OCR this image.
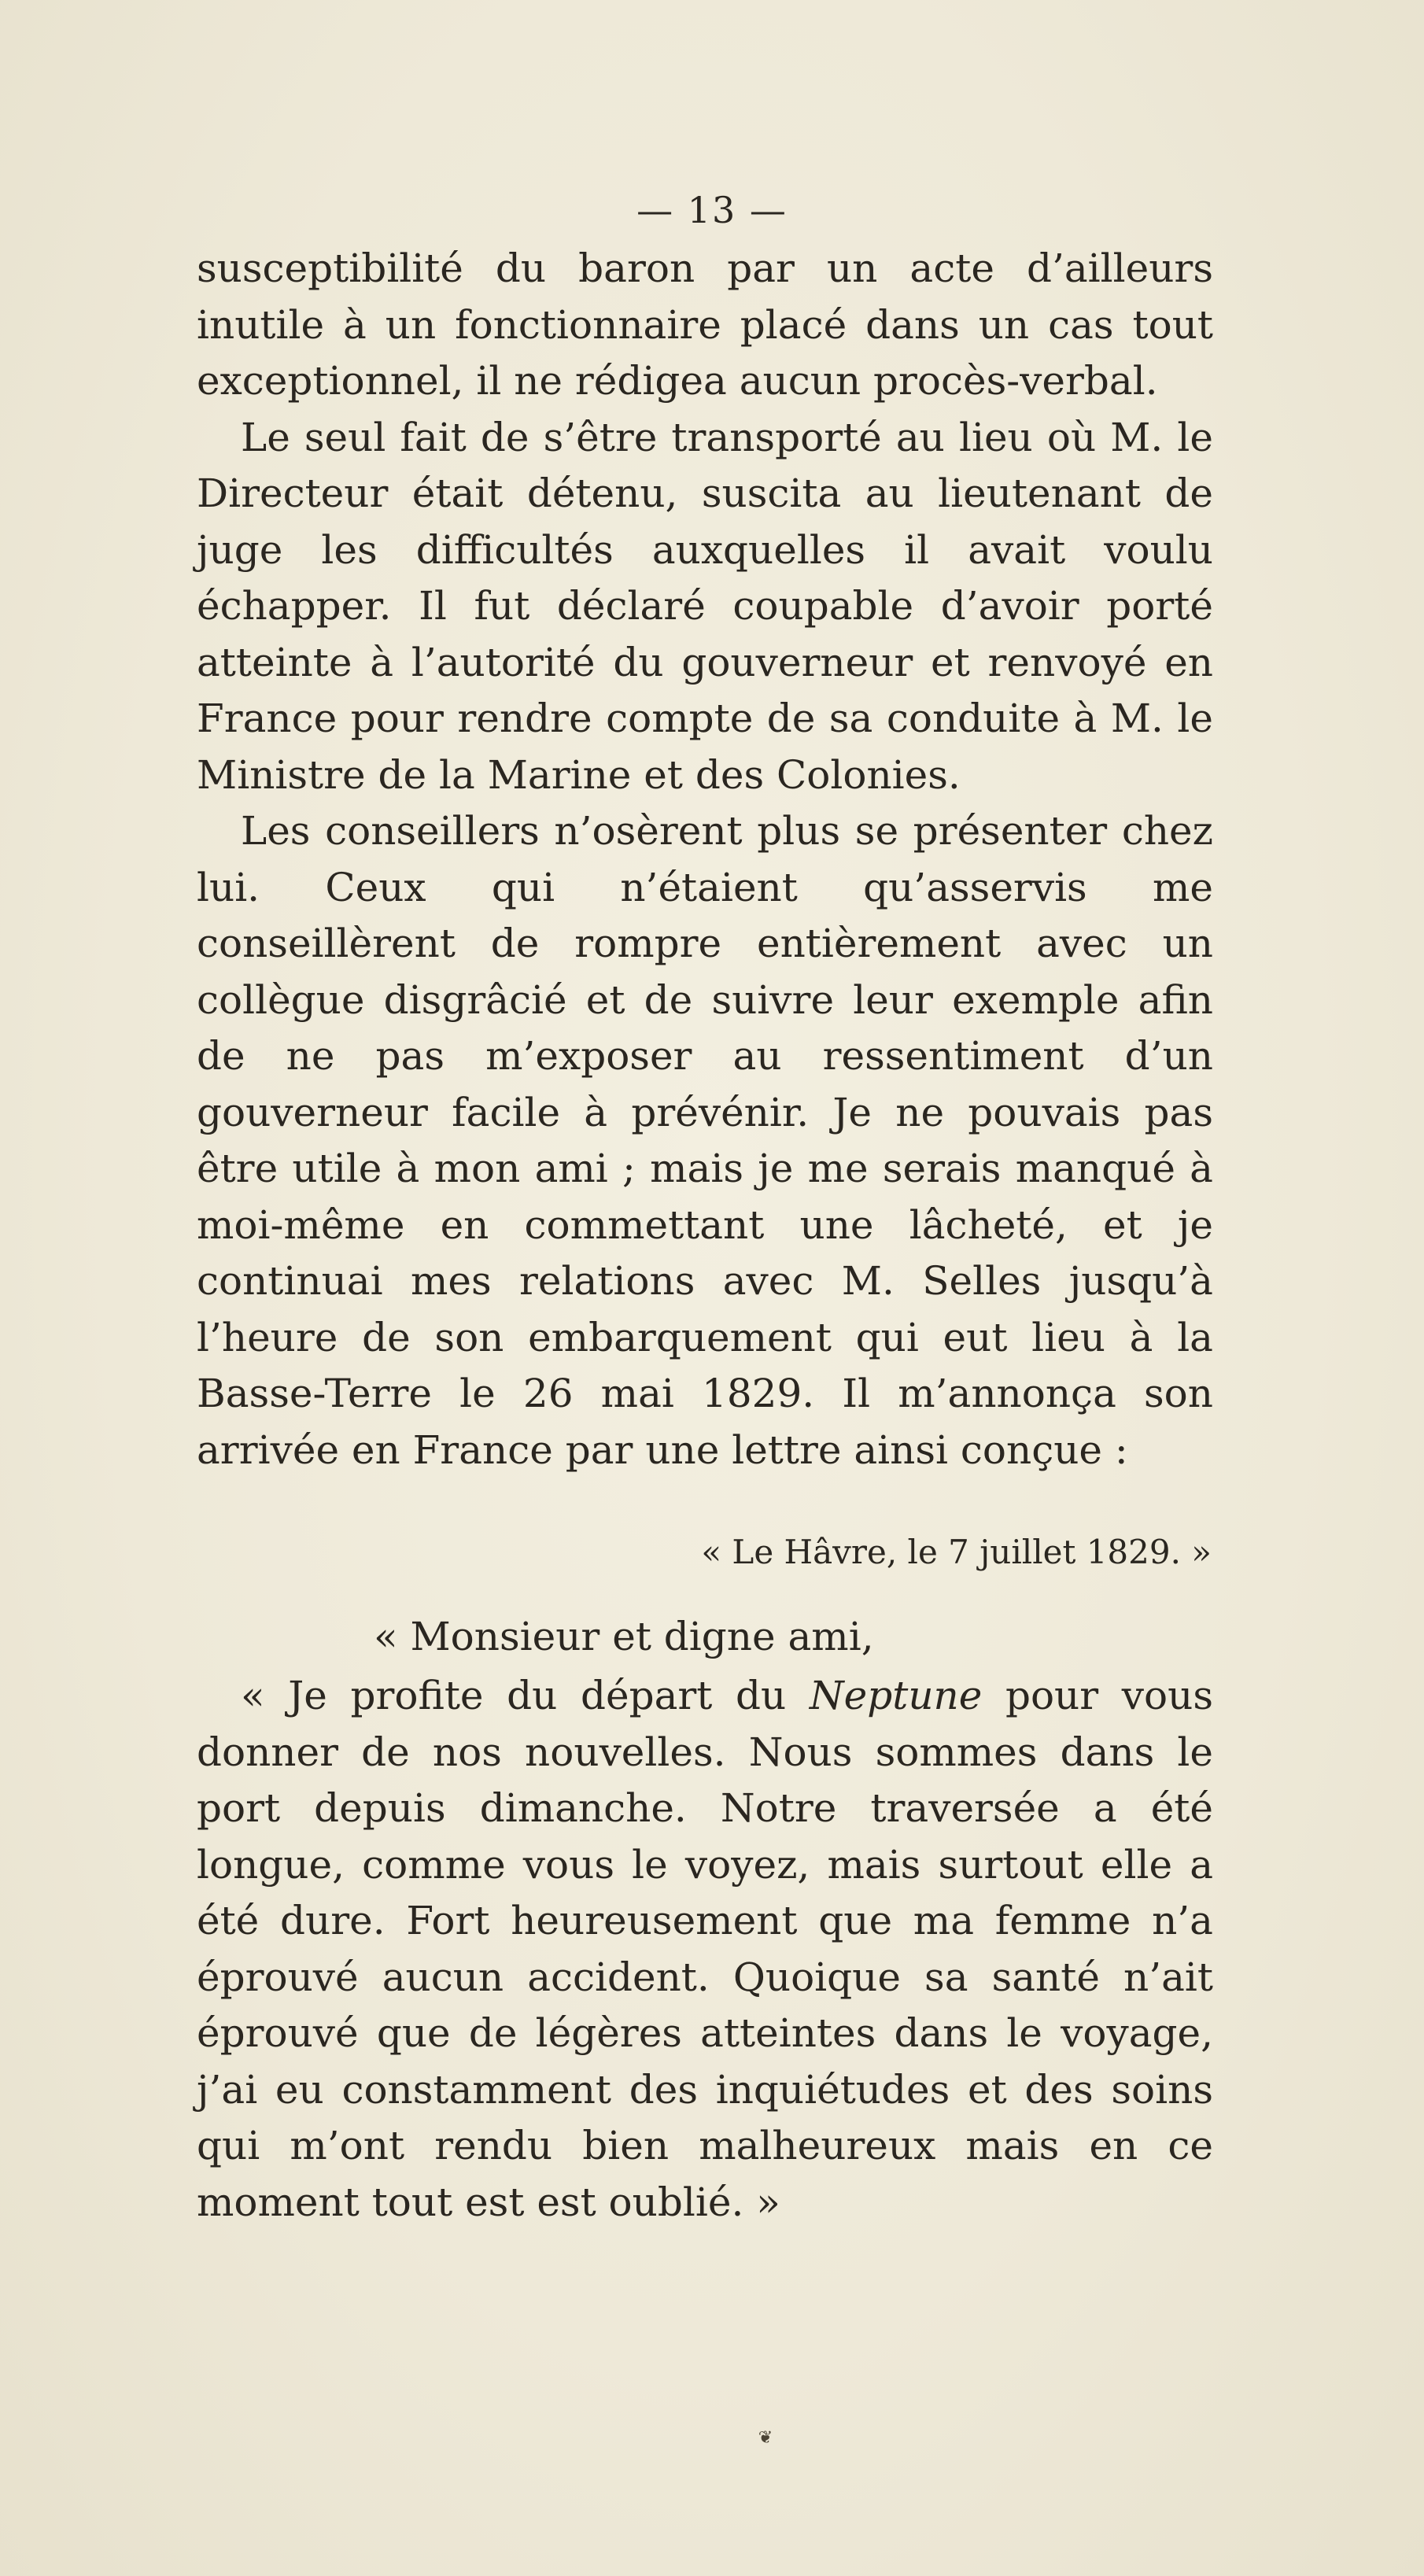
— 13 —

susceptibilité du baron par un acte d’ailleurs inutile à un fonctionnaire placé dans un cas tout exceptionnel, il ne rédigea aucun procès-verbal.

Le seul fait de s’être transporté au lieu où M. le Directeur était détenu, suscita au lieutenant de juge les difficultés auxquelles il avait voulu échapper. Il fut déclaré coupable d’avoir porté atteinte à l’autorité du gouverneur et renvoyé en France pour rendre compte de sa conduite à M. le Ministre de la Marine et des Colonies.

Les conseillers n’osèrent plus se présenter chez lui. Ceux qui n’étaient qu’asservis me conseillèrent de rompre entièrement avec un collègue disgrâcié et de suivre leur exemple afin de ne pas m’exposer au ressentiment d’un gouverneur facile à prévénir. Je ne pouvais pas être utile à mon ami ; mais je me serais manqué à moi-même en commettant une lâcheté, et je continuai mes relations avec M. Selles jusqu’à l’heure de son embarquement qui eut lieu à la Basse-Terre le 26 mai 1829. Il m’annonça son arrivée en France par une lettre ainsi conçue :

« Le Hâvre, le 7 juillet 1829. »

« Monsieur et digne ami,

« Je profite du départ du Neptune pour vous donner de nos nouvelles. Nous sommes dans le port depuis dimanche. Notre traversée a été longue, comme vous le voyez, mais surtout elle a été dure. Fort heureusement que ma femme n’a éprouvé aucun accident. Quoique sa santé n’ait éprouvé que de légères atteintes dans le voyage, j’ai eu constamment des inquiétudes et des soins qui m’ont rendu bien malheureux mais en ce moment tout est est oublié. »

❦
